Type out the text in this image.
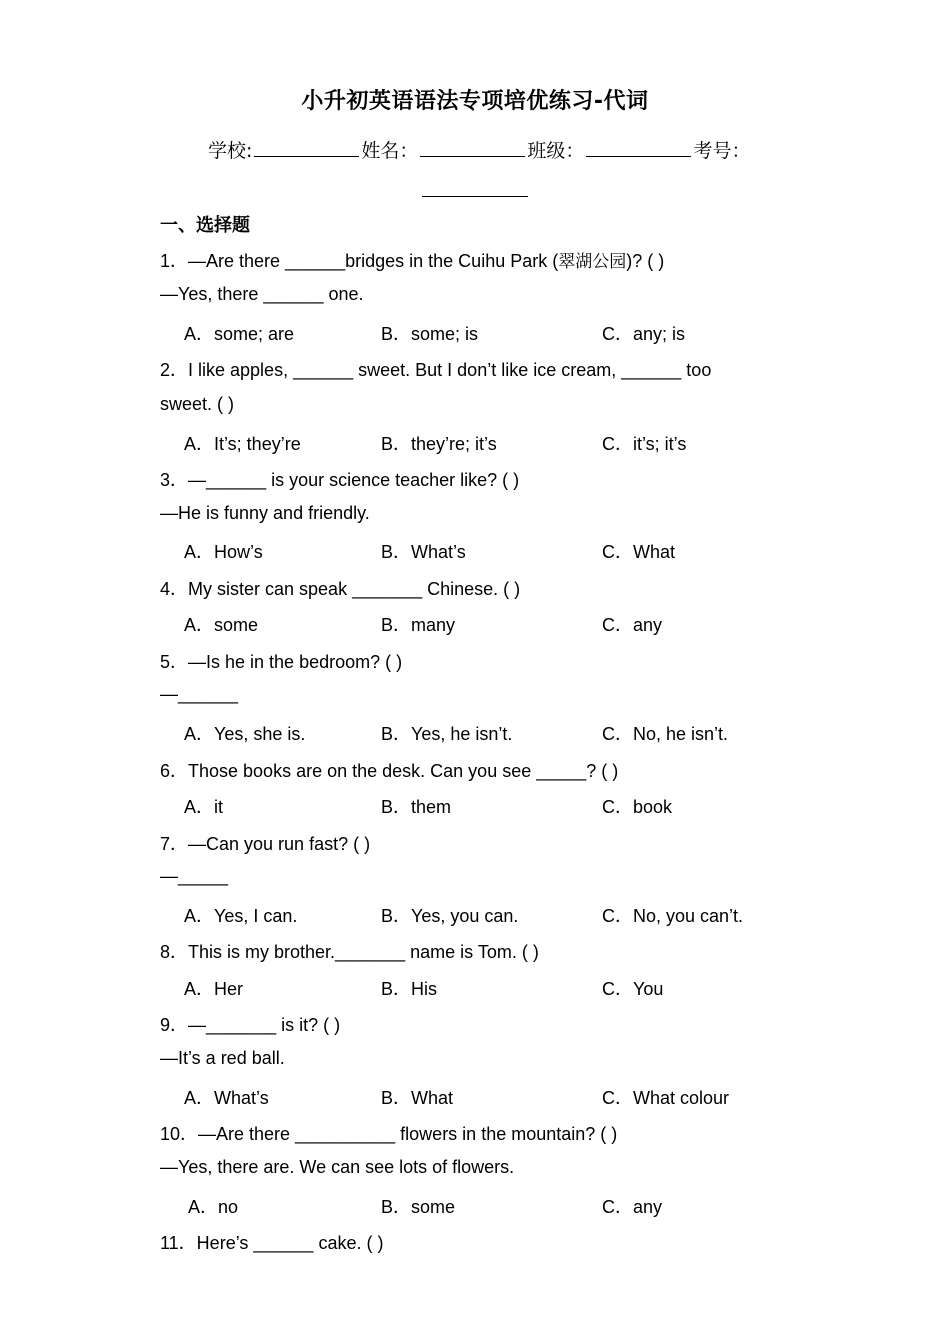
小升初英语语法专项培优练习-代词
学校:	姓名：	班级：	考号：
一、选择题
1．—Are there ______bridges in the Cuihu Park (翠湖公园)? ( )
—Yes, there ______ one.
A．some; are	B．some; is	C．any; is
2．I like apples, ______ sweet. But I don’t like ice cream, ______ too
sweet. ( )
A．It’s; they’re	B．they’re; it’s	C．it’s; it’s
3．—______ is your science teacher like? ( )
—He is funny and friendly.
A．How’s	B．What’s	C．What
4．My sister can speak _______ Chinese. ( )
A．some	B．many	C．any
5．—Is he in the bedroom? ( )
—______
A．Yes, she is.	B．Yes, he isn’t.	C．No, he isn’t.
6．Those books are on the desk. Can you see _____? ( )
A．it	B．them	C．book
7．—Can you run fast? ( )
—_____
A．Yes, I can.	B．Yes, you can.	C．No, you can’t.
8．This is my brother._______ name is Tom. ( )
A．Her	B．His	C．You
9．—_______ is it? ( )
—It’s a red ball.
A．What’s	B．What	C．What colour
10．—Are there __________ flowers in the mountain? ( )
—Yes, there are. We can see lots of flowers.
A．no	B．some	C．any
11．Here’s ______ cake. ( )
